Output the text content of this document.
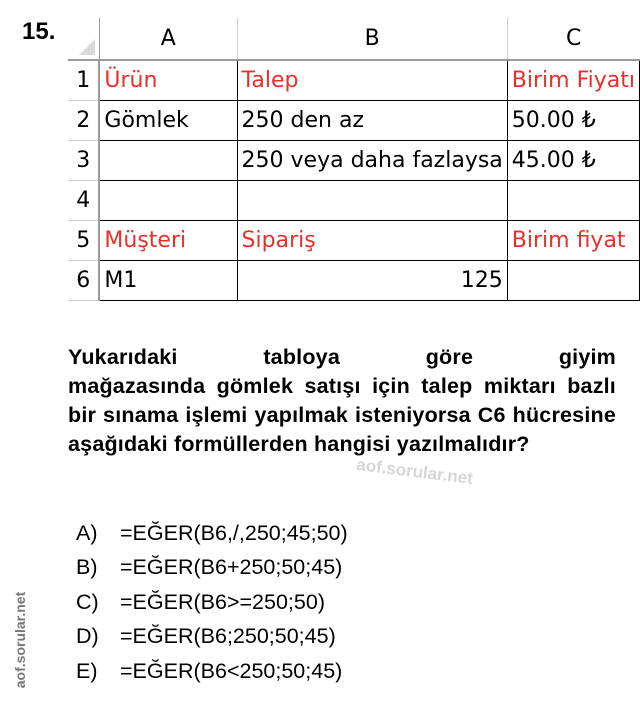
15.
		A	B	C
1	Ürün	Talep	Birim Fiyatı
2	Gömlek	250 den az	50.00 ₺
3		250 veya daha fazlaysa	45.00 ₺
4			
5	Müşteri	Sipariş	Birim fiyat
6	M1	125	
Yukarıdaki	tabloya	göre	giyim
mağazasında gömlek satışı için talep miktarı bazlı bir sınama işlemi yapılmak isteniyorsa C6 hücresine aşağıdaki formüllerden hangisi yazılmalıdır?
aof.sorular.net
aof.sorular.net
A)	=EĞER(B6,/,250;45;50)
B)	=EĞER(B6+250;50;45)
C) =EĞER(B6>=250;50)
D) =EĞER(B6;250;50;45)
E)	=EĞER(B6<250;50;45)
